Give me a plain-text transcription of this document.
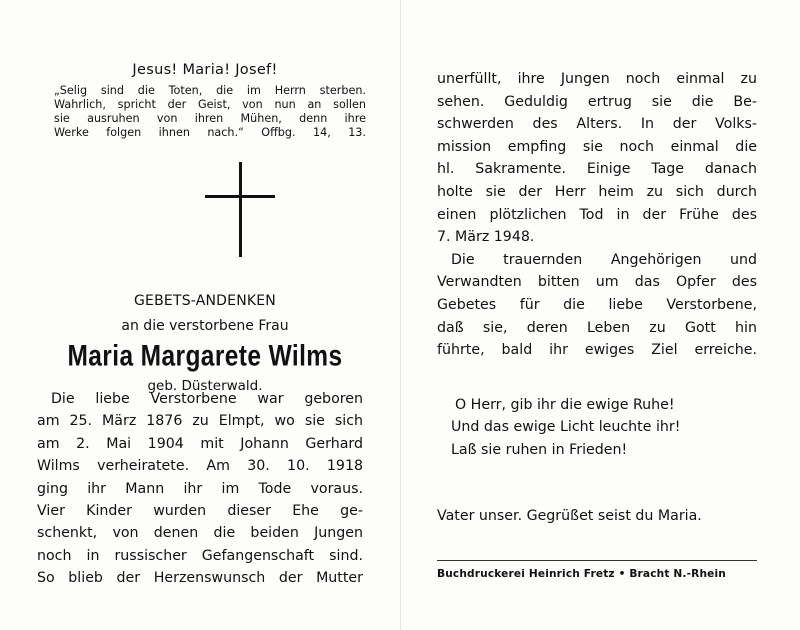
Jesus! Maria! Josef!
„Selig sind die Toten, die im Herrn sterben.
Wahrlich, spricht der Geist, von nun an sollen
sie ausruhen von ihren Mühen, denn ihre
Werke folgen ihnen nach.“ Offbg. 14, 13.
GEBETS-ANDENKEN
an die verstorbene Frau
Maria Margarete Wilms
geb. Düsterwald.
Die liebe Verstorbene war geboren
am 25. März 1876 zu Elmpt, wo sie sich
am 2. Mai 1904 mit Johann Gerhard
Wilms verheiratete. Am 30. 10. 1918
ging ihr Mann ihr im Tode voraus.
Vier Kinder wurden dieser Ehe ge-
schenkt, von denen die beiden Jungen
noch in russischer Gefangenschaft sind.
So blieb der Herzenswunsch der Mutter
unerfüllt, ihre Jungen noch einmal zu
sehen. Geduldig ertrug sie die Be-
schwerden des Alters. In der Volks-
mission empfing sie noch einmal die
hl. Sakramente. Einige Tage danach
holte sie der Herr heim zu sich durch
einen plötzlichen Tod in der Frühe des
7. März 1948.
Die trauernden Angehörigen und
Verwandten bitten um das Opfer des
Gebetes für die liebe Verstorbene,
daß sie, deren Leben zu Gott hin
führte, bald ihr ewiges Ziel erreiche.
O Herr, gib ihr die ewige Ruhe!
Und das ewige Licht leuchte ihr!
Laß sie ruhen in Frieden!
Vater unser. Gegrüßet seist du Maria.
Buchdruckerei Heinrich Fretz • Bracht N.-Rhein
